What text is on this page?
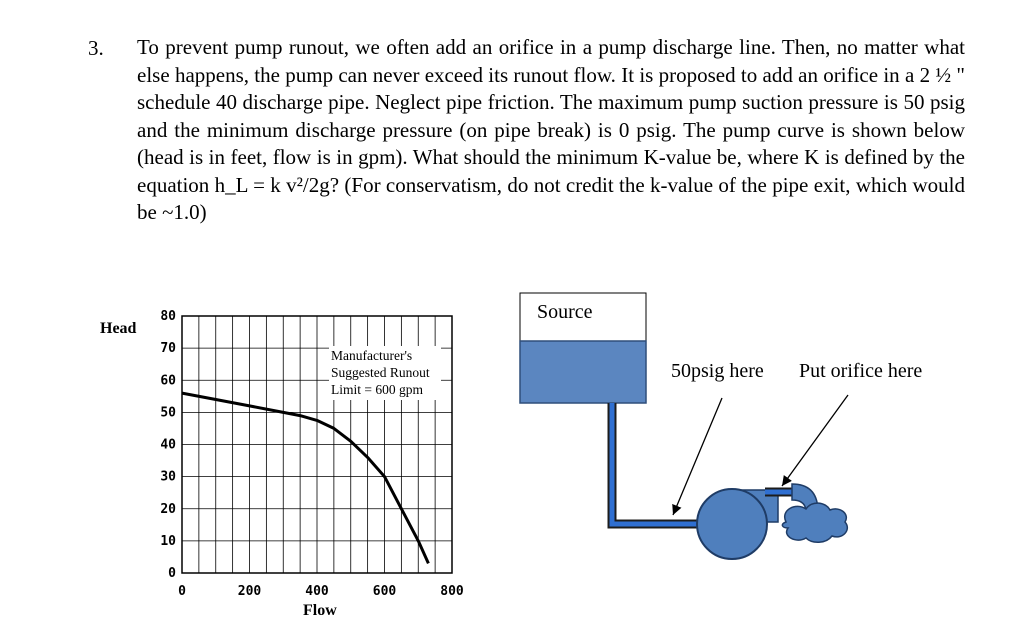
3. To prevent pump runout, we often add an orifice in a pump discharge line. Then, no matter what else happens, the pump can never exceed its runout flow. It is proposed to add an orifice in a 2 ½ " schedule 40 discharge pipe. Neglect pipe friction. The maximum pump suction pressure is 50 psig and the minimum discharge pressure (on pipe break) is 0 psig. The pump curve is shown below (head is in feet, flow is in gpm). What should the minimum K-value be, where K is defined by the equation h_L = k v²/2g? (For conservatism, do not credit the k-value of the pipe exit, which would be ~1.0)
0
10
20
30
40
50
60
70
80
0	200	400	600	800
Head
Flow
Manufacturer's
Suggested Runout
Limit = 600 gpm
Source
50psig here Put orifice here
